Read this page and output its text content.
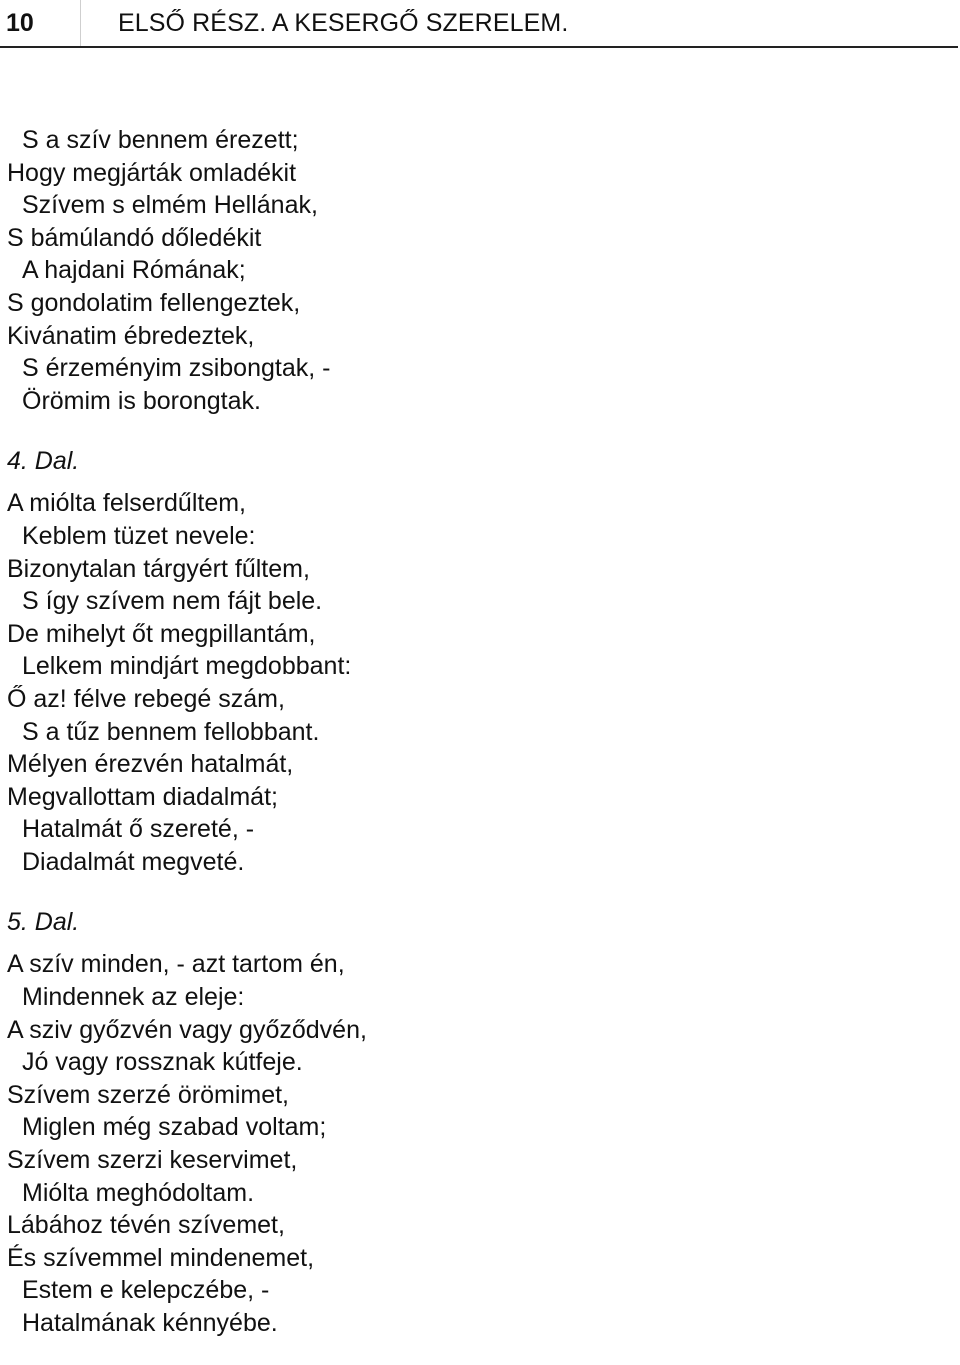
10	ELSŐ RÉSZ. A KESERGŐ SZERELEM.
S a szív bennem érezett;
Hogy megjárták omladékit
Szívem s elmém Hellának,
S bámúlandó dőledékit
A hajdani Rómának;
S gondolatim fellengeztek,
Kivánatim ébredeztek,
S érzeményim zsibongtak, -
Örömim is borongtak.
4. Dal.
A miólta felserdűltem,
Keblem tüzet nevele:
Bizonytalan tárgyért fűltem,
S így szívem nem fájt bele.
De mihelyt őt megpillantám,
Lelkem mindjárt megdobbant:
Ő az! félve rebegé szám,
S a tűz bennem fellobbant.
Mélyen érezvén hatalmát,
Megvallottam diadalmát;
Hatalmát ő szereté, -
Diadalmát megveté.
5. Dal.
A szív minden, - azt tartom én,
Mindennek az eleje:
A sziv győzvén vagy győződvén,
Jó vagy rossznak kútfeje.
Szívem szerzé örömimet,
Miglen még szabad voltam;
Szívem szerzi keservimet,
Miólta meghódoltam.
Lábához tévén szívemet,
És szívemmel mindenemet,
Estem e kelepczébe, -
Hatalmának kénnyébe.
